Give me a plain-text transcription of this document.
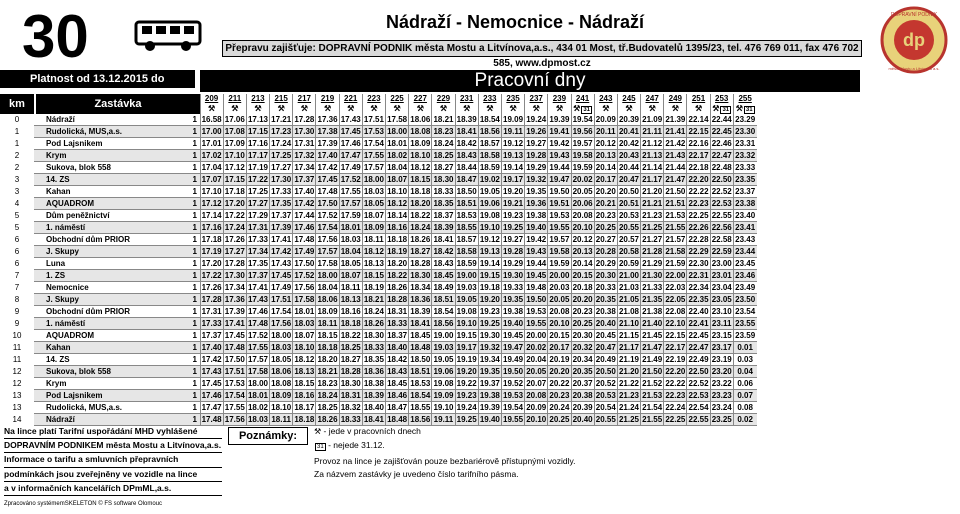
30	Nádraží - Nemocnice - Nádraží
Přepravu zajišťuje: DOPRAVNÍ PODNIK města Mostu a Litvínova,a.s., 434 01 Most, tř.Budovatelů 1395/23, tel. 476 769 011, fax 476 702 585, www.dpmost.cz
dp
DOPRAVNÍ PODNIK
města Mostu a Litvínova a.s.
Platnost od 13.12.2015 do	Pracovní dny
			209	211	213	215	217	219	221	223	225	227	229	231	233	235	237	239	241	243	245	247	249	251	253	255
			⚒	⚒	⚒	⚒	⚒	⚒	⚒	⚒	⚒	⚒	⚒	⚒	⚒	⚒	⚒	⚒	⚒ 31	⚒	⚒	⚒	⚒	⚒	⚒ 31	⚒ 31
0	Nádraží	1	16.58	17.06	17.13	17.21	17.28	17.36	17.43	17.51	17.58	18.06	18.21	18.39	18.54	19.09	19.24	19.39	19.54	20.09	20.39	21.09	21.39	22.14	22.44	23.29
1	Rudolická, MUS,a.s.	1	17.00	17.08	17.15	17.23	17.30	17.38	17.45	17.53	18.00	18.08	18.23	18.41	18.56	19.11	19.26	19.41	19.56	20.11	20.41	21.11	21.41	22.15	22.45	23.30
1	Pod Lajsnikem	1	17.01	17.09	17.16	17.24	17.31	17.39	17.46	17.54	18.01	18.09	18.24	18.42	18.57	19.12	19.27	19.42	19.57	20.12	20.42	21.12	21.42	22.16	22.46	23.31
2	Krym	1	17.02	17.10	17.17	17.25	17.32	17.40	17.47	17.55	18.02	18.10	18.25	18.43	18.58	19.13	19.28	19.43	19.58	20.13	20.43	21.13	21.43	22.17	22.47	23.32
2	Sukova, blok 558	1	17.04	17.12	17.19	17.27	17.34	17.42	17.49	17.57	18.04	18.12	18.27	18.44	18.59	19.14	19.29	19.44	19.59	20.14	20.44	21.14	21.44	22.18	22.48	23.33
3	14. ZS	1	17.07	17.15	17.22	17.30	17.37	17.45	17.52	18.00	18.07	18.15	18.30	18.47	19.02	19.17	19.32	19.47	20.02	20.17	20.47	21.17	21.47	22.20	22.50	23.35
3	Kahan	1	17.10	17.18	17.25	17.33	17.40	17.48	17.55	18.03	18.10	18.18	18.33	18.50	19.05	19.20	19.35	19.50	20.05	20.20	20.50	21.20	21.50	22.22	22.52	23.37
4	AQUADROM	1	17.12	17.20	17.27	17.35	17.42	17.50	17.57	18.05	18.12	18.20	18.35	18.51	19.06	19.21	19.36	19.51	20.06	20.21	20.51	21.21	21.51	22.23	22.53	23.38
5	Dům peněžnictví	1	17.14	17.22	17.29	17.37	17.44	17.52	17.59	18.07	18.14	18.22	18.37	18.53	19.08	19.23	19.38	19.53	20.08	20.23	20.53	21.23	21.53	22.25	22.55	23.40
5	1. náměstí	1	17.16	17.24	17.31	17.39	17.46	17.54	18.01	18.09	18.16	18.24	18.39	18.55	19.10	19.25	19.40	19.55	20.10	20.25	20.55	21.25	21.55	22.26	22.56	23.41
6	Obchodní dům PRIOR	1	17.18	17.26	17.33	17.41	17.48	17.56	18.03	18.11	18.18	18.26	18.41	18.57	19.12	19.27	19.42	19.57	20.12	20.27	20.57	21.27	21.57	22.28	22.58	23.43
6	J. Skupy	1	17.19	17.27	17.34	17.42	17.49	17.57	18.04	18.12	18.19	18.27	18.42	18.58	19.13	19.28	19.43	19.58	20.13	20.28	20.58	21.28	21.58	22.29	22.59	23.44
6	Luna	1	17.20	17.28	17.35	17.43	17.50	17.58	18.05	18.13	18.20	18.28	18.43	18.59	19.14	19.29	19.44	19.59	20.14	20.29	20.59	21.29	21.59	22.30	23.00	23.45
7	1. ZS	1	17.22	17.30	17.37	17.45	17.52	18.00	18.07	18.15	18.22	18.30	18.45	19.00	19.15	19.30	19.45	20.00	20.15	20.30	21.00	21.30	22.00	22.31	23.01	23.46
7	Nemocnice	1	17.26	17.34	17.41	17.49	17.56	18.04	18.11	18.19	18.26	18.34	18.49	19.03	19.18	19.33	19.48	20.03	20.18	20.33	21.03	21.33	22.03	22.34	23.04	23.49
8	J. Skupy	1	17.28	17.36	17.43	17.51	17.58	18.06	18.13	18.21	18.28	18.36	18.51	19.05	19.20	19.35	19.50	20.05	20.20	20.35	21.05	21.35	22.05	22.35	23.05	23.50
9	Obchodní dům PRIOR	1	17.31	17.39	17.46	17.54	18.01	18.09	18.16	18.24	18.31	18.39	18.54	19.08	19.23	19.38	19.53	20.08	20.23	20.38	21.08	21.38	22.08	22.40	23.10	23.54
9	1. náměstí	1	17.33	17.41	17.48	17.56	18.03	18.11	18.18	18.26	18.33	18.41	18.56	19.10	19.25	19.40	19.55	20.10	20.25	20.40	21.10	21.40	22.10	22.41	23.11	23.55
10	AQUADROM	1	17.37	17.45	17.52	18.00	18.07	18.15	18.22	18.30	18.37	18.45	19.00	19.15	19.30	19.45	20.00	20.15	20.30	20.45	21.15	21.45	22.15	22.45	23.15	23.59
11	Kahan	1	17.40	17.48	17.55	18.03	18.10	18.18	18.25	18.33	18.40	18.48	19.03	19.17	19.32	19.47	20.02	20.17	20.32	20.47	21.17	21.47	22.17	22.47	23.17	0.01
11	14. ZS	1	17.42	17.50	17.57	18.05	18.12	18.20	18.27	18.35	18.42	18.50	19.05	19.19	19.34	19.49	20.04	20.19	20.34	20.49	21.19	21.49	22.19	22.49	23.19	0.03
12	Sukova, blok 558	1	17.43	17.51	17.58	18.06	18.13	18.21	18.28	18.36	18.43	18.51	19.06	19.20	19.35	19.50	20.05	20.20	20.35	20.50	21.20	21.50	22.20	22.50	23.20	0.04
12	Krym	1	17.45	17.53	18.00	18.08	18.15	18.23	18.30	18.38	18.45	18.53	19.08	19.22	19.37	19.52	20.07	20.22	20.37	20.52	21.22	21.52	22.22	22.52	23.22	0.06
13	Pod Lajsnikem	1	17.46	17.54	18.01	18.09	18.16	18.24	18.31	18.39	18.46	18.54	19.09	19.23	19.38	19.53	20.08	20.23	20.38	20.53	21.23	21.53	22.23	22.53	23.23	0.07
13	Rudolická, MUS,a.s.	1	17.47	17.55	18.02	18.10	18.17	18.25	18.32	18.40	18.47	18.55	19.10	19.24	19.39	19.54	20.09	20.24	20.39	20.54	21.24	21.54	22.24	22.54	23.24	0.08
14	Nádraží	1	17.48	17.56	18.03	18.11	18.18	18.26	18.33	18.41	18.48	18.56	19.11	19.25	19.40	19.55	20.10	20.25	20.40	20.55	21.25	21.55	22.25	22.55	23.25	0.02
km	Zastávka
Na lince platí Tarifní uspořádání MHD vyhlášené
DOPRAVNÍM PODNIKEM města Mostu a Litvínova,a.s.
Informace o tarifu a smluvních přepravních
podmínkách jsou zveřejněny ve vozidle na lince
a v informačních kancelářích DPmML,a.s.
Poznámky:	⚒ - jede v pracovních dnech
31 - nejede 31.12.
Provoz na lince je zajišťován pouze bezbariérově přístupnými vozidly.
Za názvem zastávky je uvedeno číslo tarifního pásma.
Zpracováno systémemSKELETON © FS software Olomouc
